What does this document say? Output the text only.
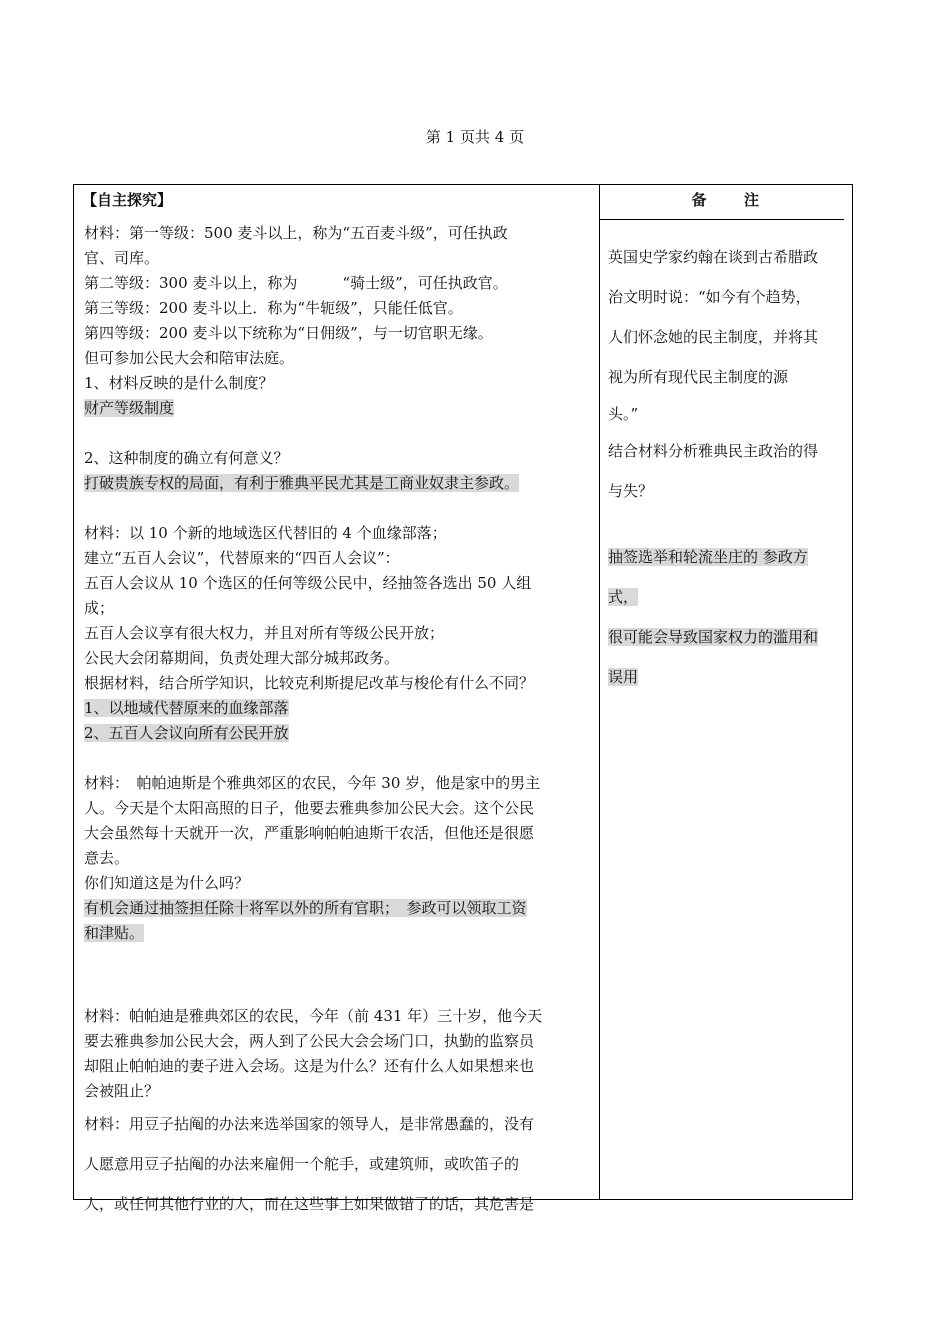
第 1 页共 4 页
【自主探究】

材料：第一等级：500 麦斗以上，称为“五百麦斗级”，可任执政

官、司库。

第二等级：300 麦斗以上，称为　　　“骑士级”，可任执政官。

第三等级：200 麦斗以上．称为“牛轭级”，只能任低官。

第四等级：200 麦斗以下统称为“日佣级”，与一切官职无缘。

但可参加公民大会和陪审法庭。

1、材料反映的是什么制度？

财产等级制度

2、这种制度的确立有何意义？

打破贵族专权的局面，有利于雅典平民尤其是工商业奴隶主参政。

材料：以 10 个新的地域选区代替旧的 4 个血缘部落；

建立“五百人会议”，代替原来的“四百人会议”：

五百人会议从 10 个选区的任何等级公民中，经抽签各选出 50 人组

成；

五百人会议享有很大权力，并且对所有等级公民开放；

公民大会闭幕期间，负责处理大部分城邦政务。

根据材料，结合所学知识，比较克利斯提尼改革与梭伦有什么不同？

1、以地域代替原来的血缘部落

2、五百人会议向所有公民开放

材料：　帕帕迪斯是个雅典郊区的农民，今年 30 岁，他是家中的男主

人。今天是个太阳高照的日子，他要去雅典参加公民大会。这个公民

大会虽然每十天就开一次，严重影响帕帕迪斯干农活，但他还是很愿

意去。

你们知道这是为什么吗？

有机会通过抽签担任除十将军以外的所有官职；　参政可以领取工资

和津贴。

材料：帕帕迪是雅典郊区的农民，今年（前 431 年）三十岁，他今天

要去雅典参加公民大会，两人到了公民大会会场门口，执勤的监察员

却阻止帕帕迪的妻子进入会场。这是为什么？还有什么人如果想来也

会被阻止？

材料：用豆子拈阄的办法来选举国家的领导人，是非常愚蠢的，没有

人愿意用豆子拈阄的办法来雇佣一个舵手，或建筑师，或吹笛子的

人，或任何其他行业的人，而在这些事上如果做错了的话，其危害是

备 注

英国史学家约翰在谈到古希腊政

治文明时说：“如今有个趋势，

人们怀念她的民主制度，并将其

视为所有现代民主制度的源

头。”

结合材料分析雅典民主政治的得

与失？

抽签选举和轮流坐庄的 参政方

式，

很可能会导致国家权力的滥用和

误用
